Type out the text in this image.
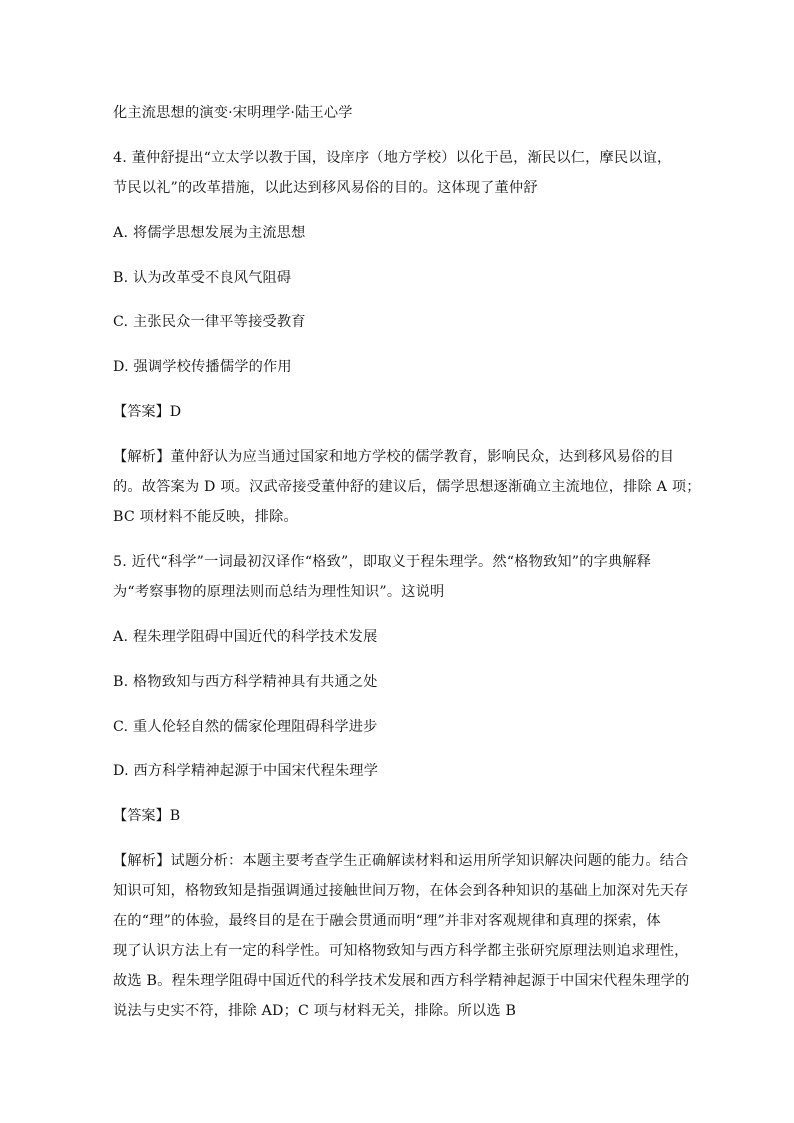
化主流思想的演变·宋明理学·陆王心学
4. 董仲舒提出“立太学以教于国，设庠序（地方学校）以化于邑，渐民以仁，摩民以谊，
节民以礼”的改革措施，以此达到移风易俗的目的。这体现了董仲舒
A. 将儒学思想发展为主流思想
B. 认为改革受不良风气阻碍
C. 主张民众一律平等接受教育
D. 强调学校传播儒学的作用
【答案】D
【解析】董仲舒认为应当通过国家和地方学校的儒学教育，影响民众，达到移风易俗的目
的。故答案为 D 项。汉武帝接受董仲舒的建议后，儒学思想逐渐确立主流地位，排除 A 项；
BC 项材料不能反映，排除。
5. 近代“科学”一词最初汉译作“格致”，即取义于程朱理学。然“格物致知”的字典解释
为“考察事物的原理法则而总结为理性知识”。这说明
A. 程朱理学阻碍中国近代的科学技术发展
B. 格物致知与西方科学精神具有共通之处
C. 重人伦轻自然的儒家伦理阻碍科学进步
D. 西方科学精神起源于中国宋代程朱理学
【答案】B
【解析】试题分析：本题主要考查学生正确解读材料和运用所学知识解决问题的能力。结合
知识可知，格物致知是指强调通过接触世间万物，在体会到各种知识的基础上加深对先天存
在的“理”的体验，最终目的是在于融会贯通而明“理”并非对客观规律和真理的探索，体
现了认识方法上有一定的科学性。可知格物致知与西方科学都主张研究原理法则追求理性，
故选 B。程朱理学阻碍中国近代的科学技术发展和西方科学精神起源于中国宋代程朱理学的
说法与史实不符，排除 AD；C 项与材料无关，排除。所以选 B
